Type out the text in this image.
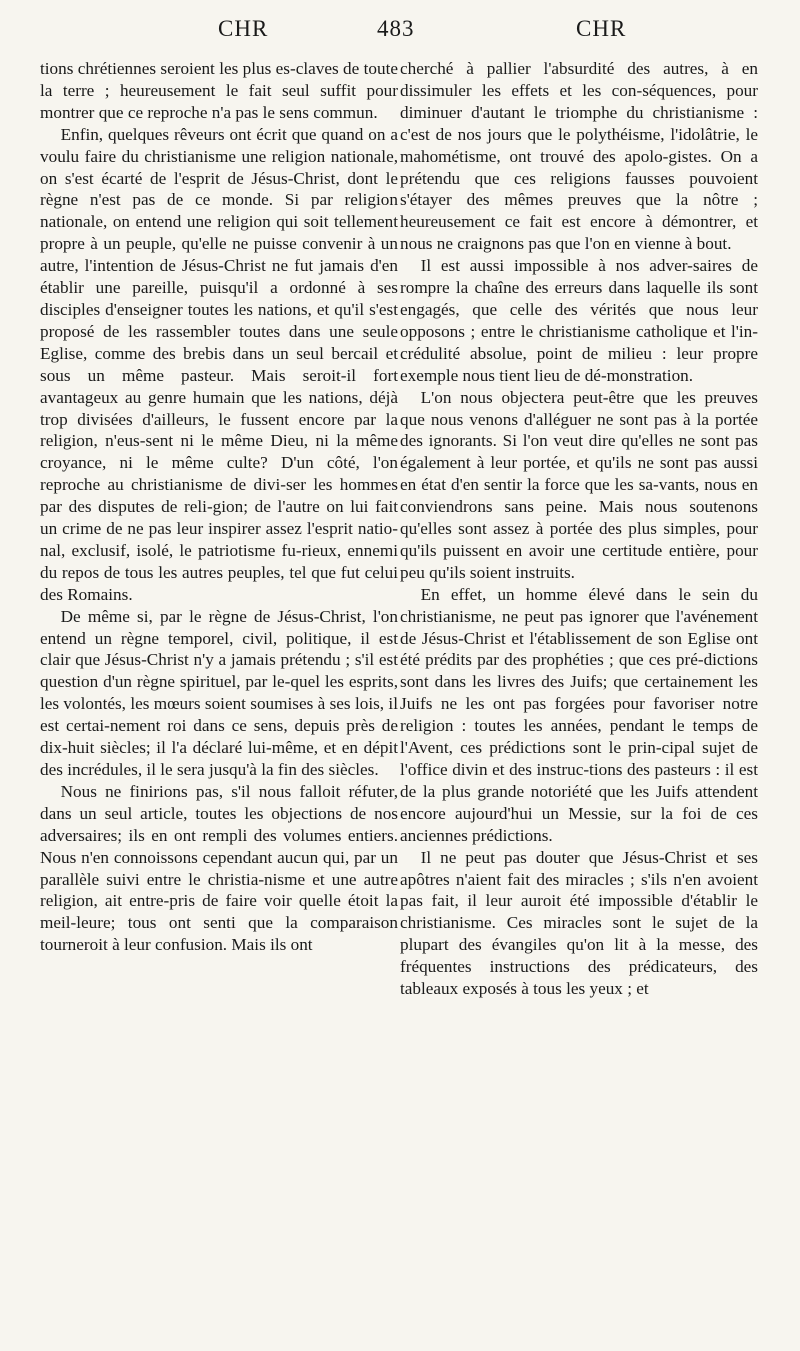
CHR	483	CHR

tions chrétiennes seroient les plus es-claves de toute la terre ; heureusement le fait seul suffit pour montrer que ce reproche n'a pas le sens commun.

Enfin, quelques rêveurs ont écrit que quand on a voulu faire du christianisme une religion nationale, on s'est écarté de l'esprit de Jésus-Christ, dont le règne n'est pas de ce monde. Si par religion nationale, on entend une religion qui soit tellement propre à un peuple, qu'elle ne puisse convenir à un autre, l'intention de Jésus-Christ ne fut jamais d'en établir une pareille, puisqu'il a ordonné à ses disciples d'enseigner toutes les nations, et qu'il s'est proposé de les rassembler toutes dans une seule Eglise, comme des brebis dans un seul bercail et sous un même pasteur. Mais seroit-il fort avantageux au genre humain que les nations, déjà trop divisées d'ailleurs, le fussent encore par la religion, n'eus-sent ni le même Dieu, ni la même croyance, ni le même culte? D'un côté, l'on reproche au christianisme de divi-ser les hommes par des disputes de reli-gion; de l'autre on lui fait un crime de ne pas leur inspirer assez l'esprit natio-nal, exclusif, isolé, le patriotisme fu-rieux, ennemi du repos de tous les autres peuples, tel que fut celui des Romains.

De même si, par le règne de Jésus-Christ, l'on entend un règne temporel, civil, politique, il est clair que Jésus-Christ n'y a jamais prétendu ; s'il est question d'un règne spirituel, par le-quel les esprits, les volontés, les mœurs soient soumises à ses lois, il est certai-nement roi dans ce sens, depuis près de dix-huit siècles; il l'a déclaré lui-même, et en dépit des incrédules, il le sera jusqu'à la fin des siècles.

Nous ne finirions pas, s'il nous falloit réfuter, dans un seul article, toutes les objections de nos adversaires; ils en ont rempli des volumes entiers. Nous n'en connoissons cependant aucun qui, par un parallèle suivi entre le christia-nisme et une autre religion, ait entre-pris de faire voir quelle étoit la meil-leure; tous ont senti que la comparaison tourneroit à leur confusion. Mais ils ont

cherché à pallier l'absurdité des autres, à en dissimuler les effets et les con-séquences, pour diminuer d'autant le triomphe du christianisme : c'est de nos jours que le polythéisme, l'idolâtrie, le mahométisme, ont trouvé des apolo-gistes. On a prétendu que ces religions fausses pouvoient s'étayer des mêmes preuves que la nôtre ; heureusement ce fait est encore à démontrer, et nous ne craignons pas que l'on en vienne à bout.

Il est aussi impossible à nos adver-saires de rompre la chaîne des erreurs dans laquelle ils sont engagés, que celle des vérités que nous leur opposons ; entre le christianisme catholique et l'in-crédulité absolue, point de milieu : leur propre exemple nous tient lieu de dé-monstration.

L'on nous objectera peut-être que les preuves que nous venons d'alléguer ne sont pas à la portée des ignorants. Si l'on veut dire qu'elles ne sont pas également à leur portée, et qu'ils ne sont pas aussi en état d'en sentir la force que les sa-vants, nous en conviendrons sans peine. Mais nous soutenons qu'elles sont assez à portée des plus simples, pour qu'ils puissent en avoir une certitude entière, pour peu qu'ils soient instruits.

En effet, un homme élevé dans le sein du christianisme, ne peut pas ignorer que l'avénement de Jésus-Christ et l'établissement de son Eglise ont été prédits par des prophéties ; que ces pré-dictions sont dans les livres des Juifs; que certainement les Juifs ne les ont pas forgées pour favoriser notre religion : toutes les années, pendant le temps de l'Avent, ces prédictions sont le prin-cipal sujet de l'office divin et des instruc-tions des pasteurs : il est de la plus grande notoriété que les Juifs attendent encore aujourd'hui un Messie, sur la foi de ces anciennes prédictions.

Il ne peut pas douter que Jésus-Christ et ses apôtres n'aient fait des miracles ; s'ils n'en avoient pas fait, il leur auroit été impossible d'établir le christianisme. Ces miracles sont le sujet de la plupart des évangiles qu'on lit à la messe, des fréquentes instructions des prédicateurs, des tableaux exposés à tous les yeux ; et
